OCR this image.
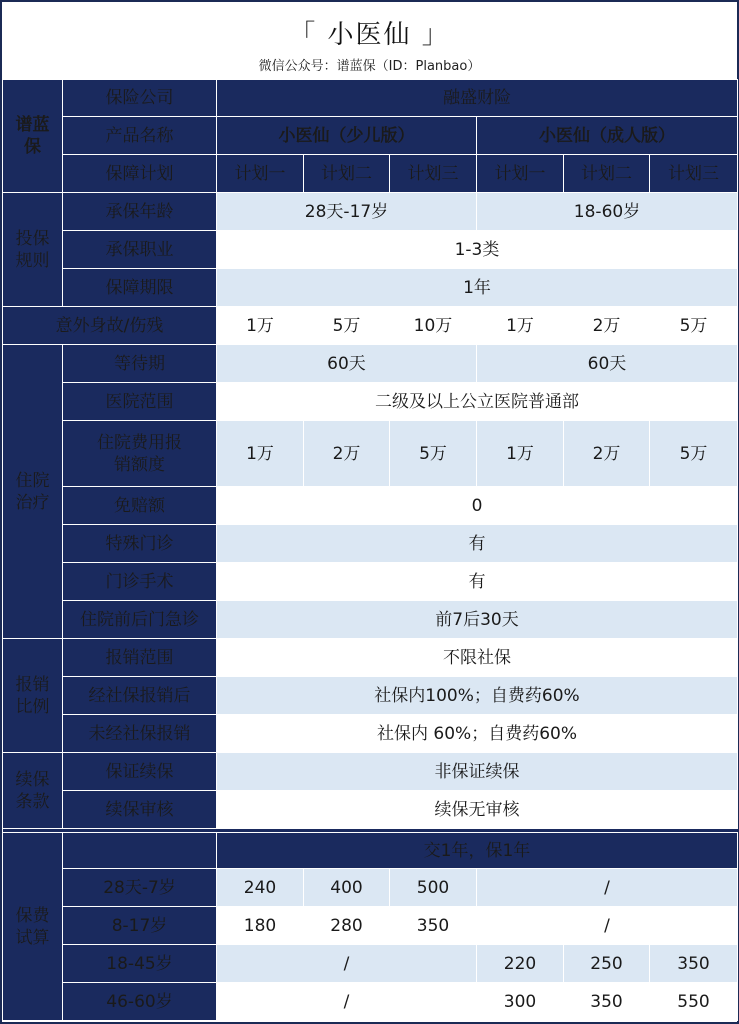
「 小医仙 」
微信公众号：谱蓝保（ID：Planbao）
谱蓝保	保险公司	融盛财险					
	产品名称	小医仙（少儿版）			小医仙（成人版）		
	保障计划	计划一	计划二	计划三	计划一	计划二	计划三

投保规则	承保年龄	28天-17岁			18-60岁		
	承保职业	1-3类					
	保障期限	1年					
意外身故/伤残		1万	5万	10万	1万	2万	5万

住院治疗	等待期	60天			60天		
	医院范围	二级及以上公立医院普通部					

	住院费用报销额度	1万	2万	5万	1万	2万	5万
	免赔额	0					
	特殊门诊	有					
	门诊手术	有					
	住院前后门急诊	前7后30天					

报销比例	报销范围	不限社保					
	经社保报销后	社保内100%；自费药60%					
	未经社保报销	社保内 60%；自费药60%					

续保条款	保证续保	非保证续保					
	续保审核	续保无审核					

保费试算		交1年，保1年					
	28天-7岁	240	400	500	/		
	8-17岁	180	280	350	/		
	18-45岁	/			220	250	350
	46-60岁	/			300	350	550
